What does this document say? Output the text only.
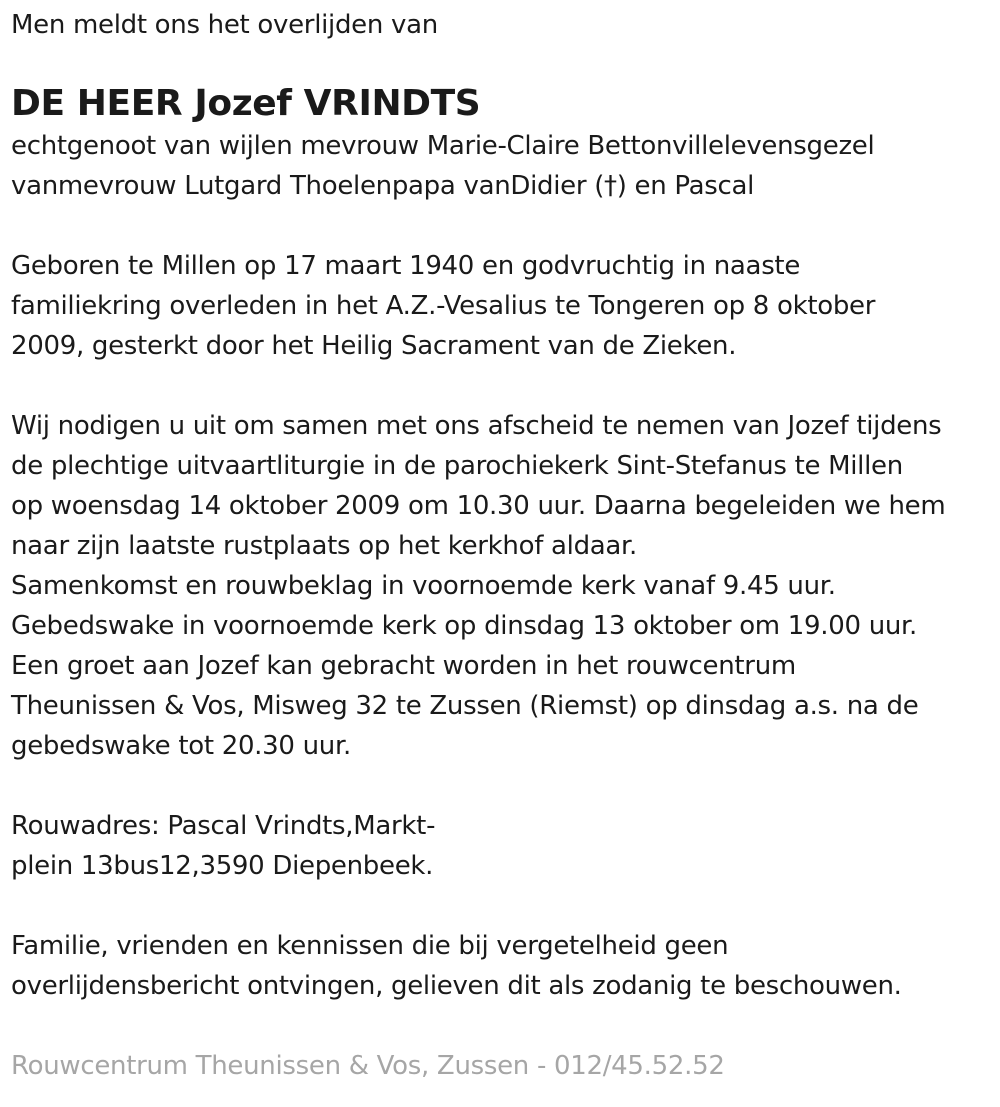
Men meldt ons het overlijden van
DE HEER Jozef VRINDTS
echtgenoot van wijlen mevrouw Marie-Claire Bettonvillelevensgezel
vanmevrouw Lutgard Thoelenpapa vanDidier (†) en Pascal
Geboren te Millen op 17 maart 1940 en godvruchtig in naaste
familiekring overleden in het A.Z.-Vesalius te Tongeren op 8 oktober
2009, gesterkt door het Heilig Sacrament van de Zieken.
Wij nodigen u uit om samen met ons afscheid te nemen van Jozef tijdens
de plechtige uitvaartliturgie in de parochiekerk Sint-Stefanus te Millen
op woensdag 14 oktober 2009 om 10.30 uur. Daarna begeleiden we hem
naar zijn laatste rustplaats op het kerkhof aldaar.
Samenkomst en rouwbeklag in voornoemde kerk vanaf 9.45 uur.
Gebedswake in voornoemde kerk op dinsdag 13 oktober om 19.00 uur.
Een groet aan Jozef kan gebracht worden in het rouwcentrum
Theunissen & Vos, Misweg 32 te Zussen (Riemst) op dinsdag a.s. na de
gebedswake tot 20.30 uur.
Rouwadres: Pascal Vrindts,Markt-
plein 13bus12,3590 Diepenbeek.
Familie, vrienden en kennissen die bij vergetelheid geen
overlijdensbericht ontvingen, gelieven dit als zodanig te beschouwen.
Rouwcentrum Theunissen & Vos, Zussen - 012/45.52.52
